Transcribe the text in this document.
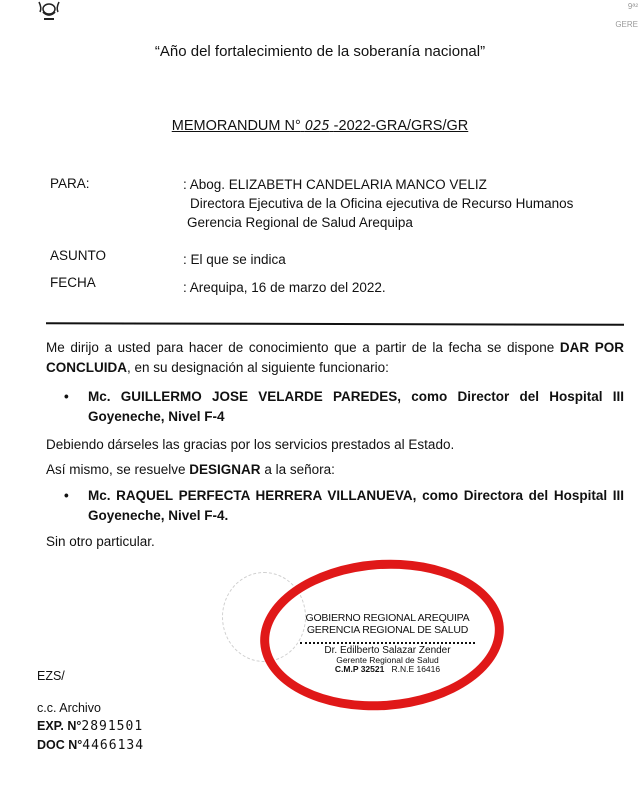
9ª²
GERE
“Año del fortalecimiento de la soberanía nacional”
MEMORANDUM N° 025 -2022-GRA/GRS/GR
PARA:	: Abog. ELIZABETH CANDELARIA MANCO VELIZ
Directora Ejecutiva de la Oficina ejecutiva de Recurso Humanos
Gerencia Regional de Salud Arequipa
ASUNTO	: El que se indica
FECHA	: Arequipa, 16 de marzo del 2022.
Me dirijo a usted para hacer de conocimiento que a partir de la fecha se dispone DAR POR CONCLUIDA, en su designación al siguiente funcionario:
•	Mc. GUILLERMO JOSE VELARDE PAREDES, como Director del Hospital III Goyeneche, Nivel F-4
Debiendo dárseles las gracias por los servicios prestados al Estado.
Así mismo, se resuelve DESIGNAR a la señora:
•	Mc. RAQUEL PERFECTA HERRERA VILLANUEVA, como Directora del Hospital III Goyeneche, Nivel F-4.
Sin otro particular.
GOBIERNO REGIONAL AREQUIPA
GERENCIA REGIONAL DE SALUD
Dr. Edilberto Salazar Zender
Gerente Regional de Salud
C.M.P 32521 R.N.E 16416
EZS/
c.c. Archivo
EXP. N°2891501
DOC N°4466134
